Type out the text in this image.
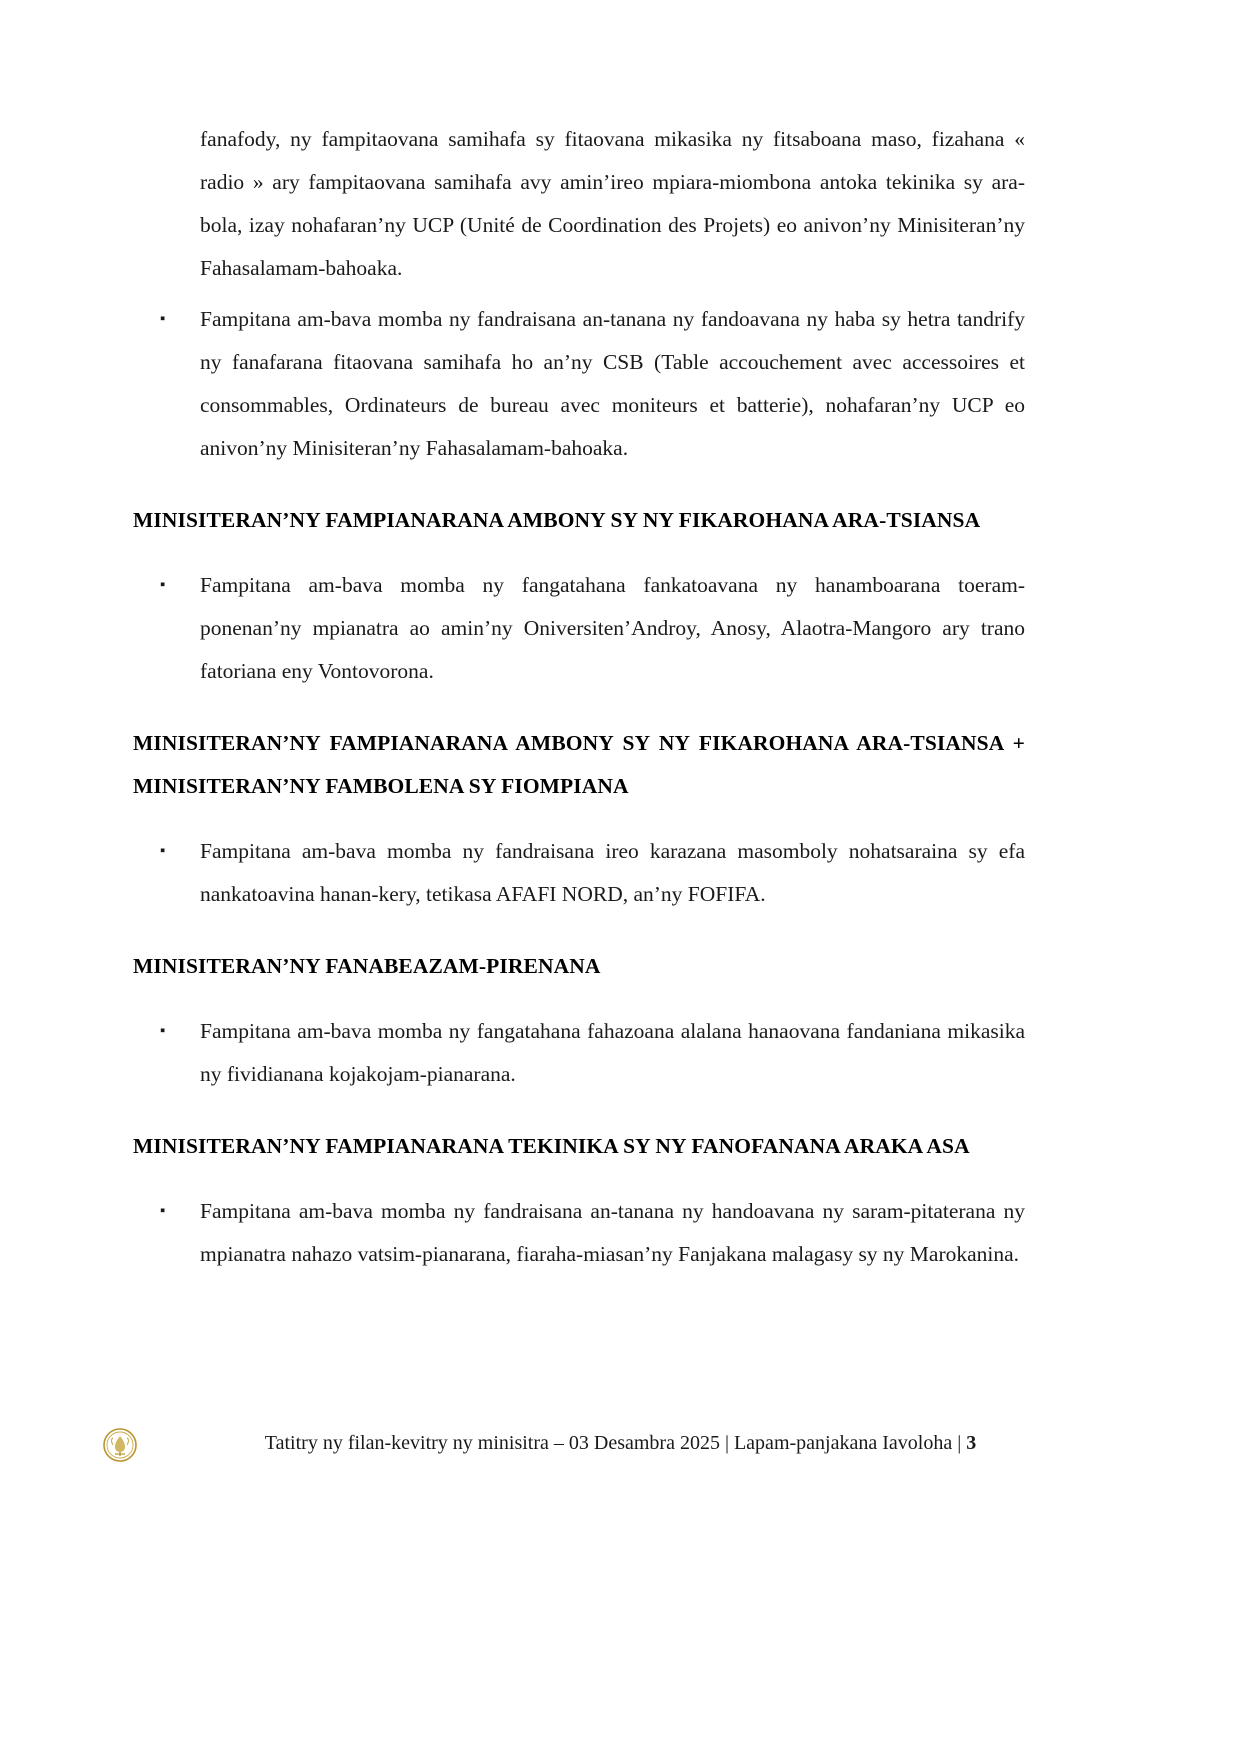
fanafody, ny fampitaovana samihafa sy fitaovana mikasika ny fitsaboana maso, fizahana « radio » ary fampitaovana samihafa avy amin’ireo mpiara-miombona antoka tekinika sy ara-bola, izay nohafaran’ny UCP (Unité de Coordination des Projets) eo anivon’ny Minisiteran’ny Fahasalamam-bahoaka.

▪	Fampitana am-bava momba ny fandraisana an-tanana ny fandoavana ny haba sy hetra tandrify ny fanafarana fitaovana samihafa ho an’ny CSB (Table accouchement avec accessoires et consommables, Ordinateurs de bureau avec moniteurs et batterie), nohafaran’ny UCP eo anivon’ny Minisiteran’ny Fahasalamam-bahoaka.
MINISITERAN’NY FAMPIANARANA AMBONY SY NY FIKAROHANA ARA-TSIANSA
▪	Fampitana am-bava momba ny fangatahana fankatoavana ny hanamboarana toeram-ponenan’ny mpianatra ao amin’ny Oniversiten’Androy, Anosy, Alaotra-Mangoro ary trano fatoriana eny Vontovorona.
MINISITERAN’NY FAMPIANARANA AMBONY SY NY FIKAROHANA ARA-TSIANSA + MINISITERAN’NY FAMBOLENA SY FIOMPIANA
▪	Fampitana am-bava momba ny fandraisana ireo karazana masomboly nohatsaraina sy efa nankatoavina hanan-kery, tetikasa AFAFI NORD, an’ny FOFIFA.
MINISITERAN’NY FANABEAZAM-PIRENANA
▪	Fampitana am-bava momba ny fangatahana fahazoana alalana hanaovana fandaniana mikasika ny fividianana kojakojam-pianarana.
MINISITERAN’NY FAMPIANARANA TEKINIKA SY NY FANOFANANA ARAKA ASA
▪	Fampitana am-bava momba ny fandraisana an-tanana ny handoavana ny saram-pitaterana ny mpianatra nahazo vatsim-pianarana, fiaraha-miasan’ny Fanjakana malagasy sy ny Marokanina.
Tatitry ny filan-kevitry ny minisitra – 03 Desambra 2025 | Lapam-panjakana Iavoloha | 3
